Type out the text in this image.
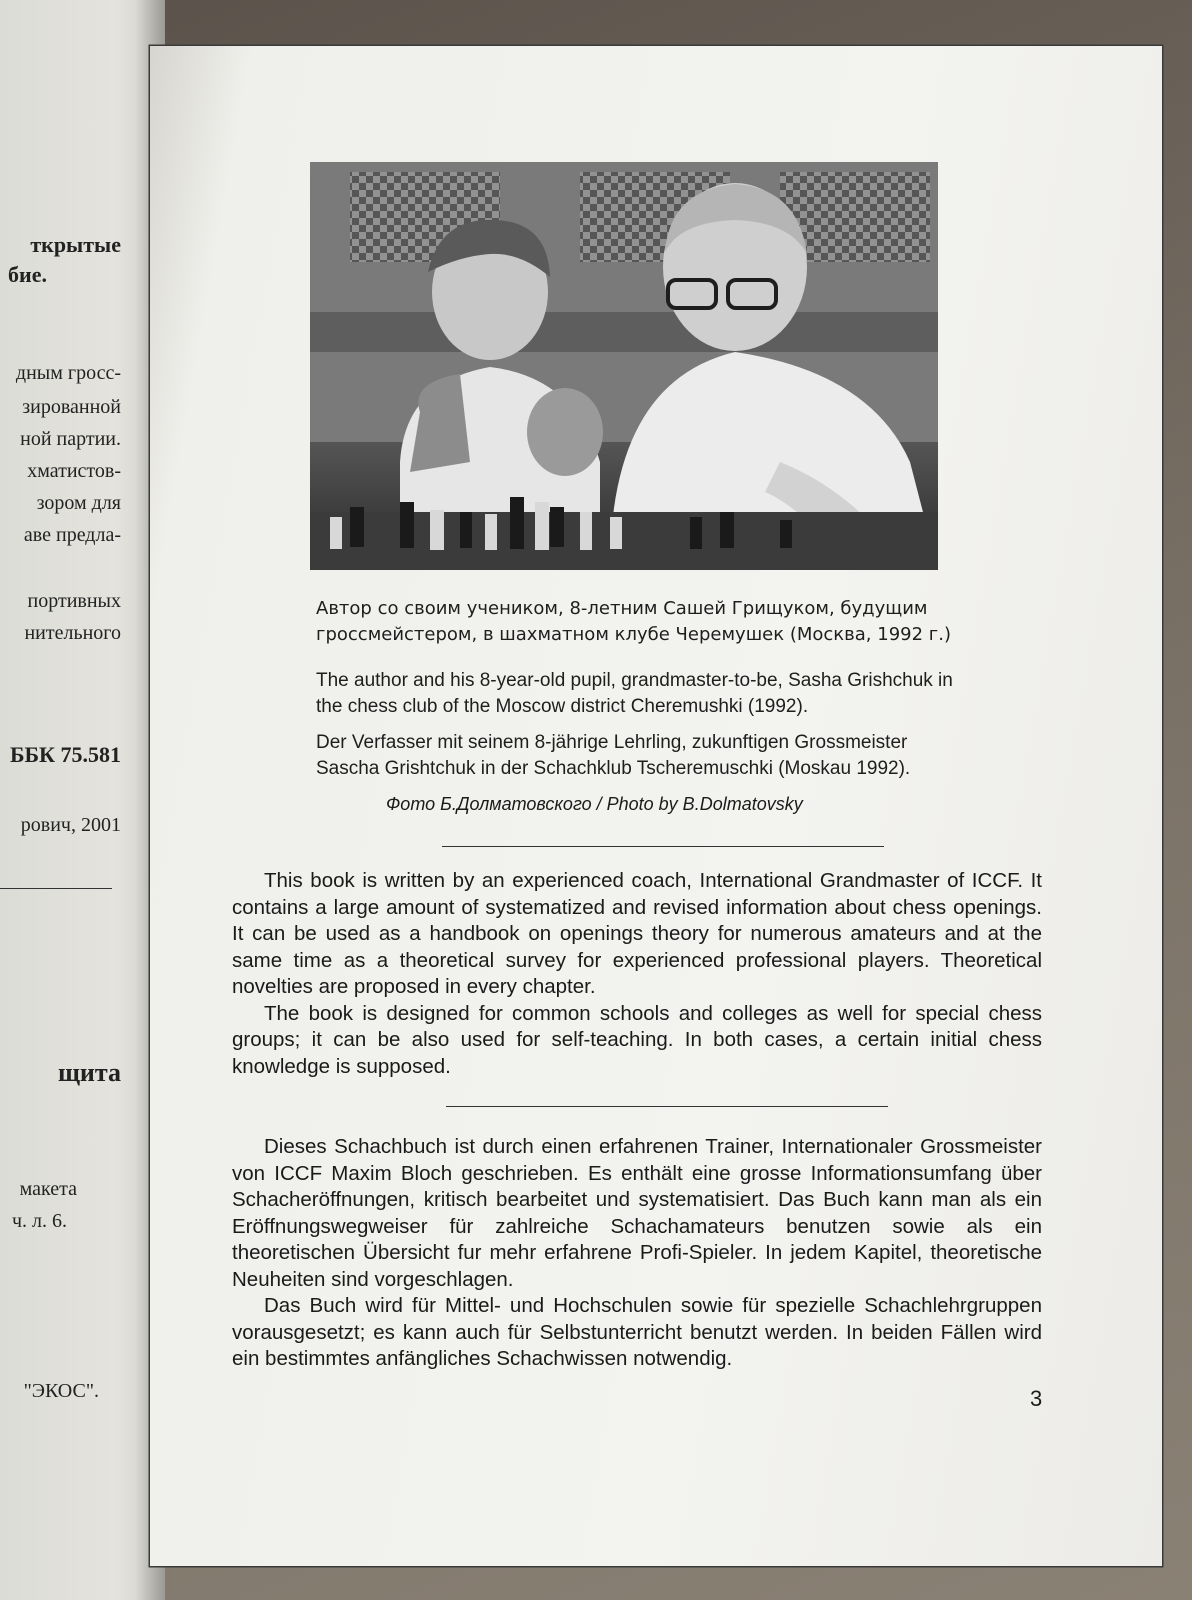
ткрытые
бие.
дным гросс-
зированной
ной партии.
хматистов-
зором для
аве предла-
портивных
нительного
ББК 75.581
рович, 2001
щита
макета
ч. л. 6.
"ЭКОС".
Автор со своим учеником, 8-летним Сашей Грищуком, будущим гроссмейстером, в шахматном клубе Черемушек (Москва, 1992 г.)
The author and his 8-year-old pupil, grandmaster-to-be, Sasha Grishchuk in the chess club of the Moscow district Cheremushki (1992).
Der Verfasser mit seinem 8-jährige Lehrling, zukunftigen Grossmeister Sascha Grishtchuk in der Schachklub Tscheremuschki (Moskau 1992).
Фото Б.Долматовского / Photo by B.Dolmatovsky

This book is written by an experienced coach, International Grandmaster of ICCF. It contains a large amount of systematized and revised information about chess openings. It can be used as a handbook on openings theory for numerous amateurs and at the same time as a theoretical survey for experienced professional players. Theoretical novelties are proposed in every chapter.

The book is designed for common schools and colleges as well for special chess groups; it can be also used for self-teaching. In both cases, a certain initial chess knowledge is supposed.

Dieses Schachbuch ist durch einen erfahrenen Trainer, Internationaler Grossmeister von ICCF Maxim Bloch geschrieben. Es enthält eine grosse Informationsumfang über Schacheröffnungen, kritisch bearbeitet und systematisiert. Das Buch kann man als ein Eröffnungswegweiser für zahlreiche Schachamateurs benutzen sowie als ein theoretischen Übersicht fur mehr erfahrene Profi-Spieler. In jedem Kapitel, theoretische Neuheiten sind vorgeschlagen.

Das Buch wird für Mittel- und Hochschulen sowie für spezielle Schachlehrgruppen vorausgesetzt; es kann auch für Selbstunterricht benutzt werden. In beiden Fällen wird ein bestimmtes anfängliches Schachwissen notwendig.

3
